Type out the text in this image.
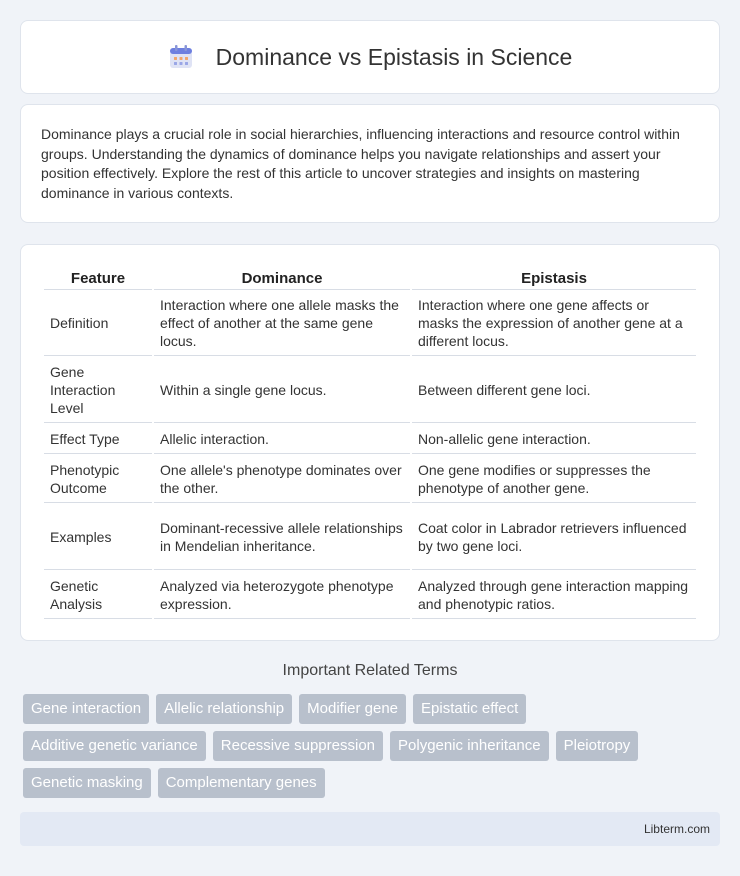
Dominance vs Epistasis in Science

Dominance plays a crucial role in social hierarchies, influencing interactions and resource control within groups. Understanding the dynamics of dominance helps you navigate relationships and assert your position effectively. Explore the rest of this article to uncover strategies and insights on mastering dominance in various contexts.

Feature	Dominance	Epistasis
Definition	Interaction where one allele masks the effect of another at the same gene locus.	Interaction where one gene affects or masks the expression of another gene at a different locus.
Gene Interaction Level	Within a single gene locus.	Between different gene loci.
Effect Type	Allelic interaction.	Non-allelic gene interaction.
Phenotypic Outcome	One allele's phenotype dominates over the other.	One gene modifies or suppresses the phenotype of another gene.
Examples	Dominant-recessive allele relationships in Mendelian inheritance.	Coat color in Labrador retrievers influenced by two gene loci.
Genetic Analysis	Analyzed via heterozygote phenotype expression.	Analyzed through gene interaction mapping and phenotypic ratios.
Important Related Terms
Gene interaction	Allelic relationship	Modifier gene	Epistatic effect
Additive genetic variance	Recessive suppression	Polygenic inheritance	Pleiotropy
Genetic masking	Complementary genes
Libterm.com
